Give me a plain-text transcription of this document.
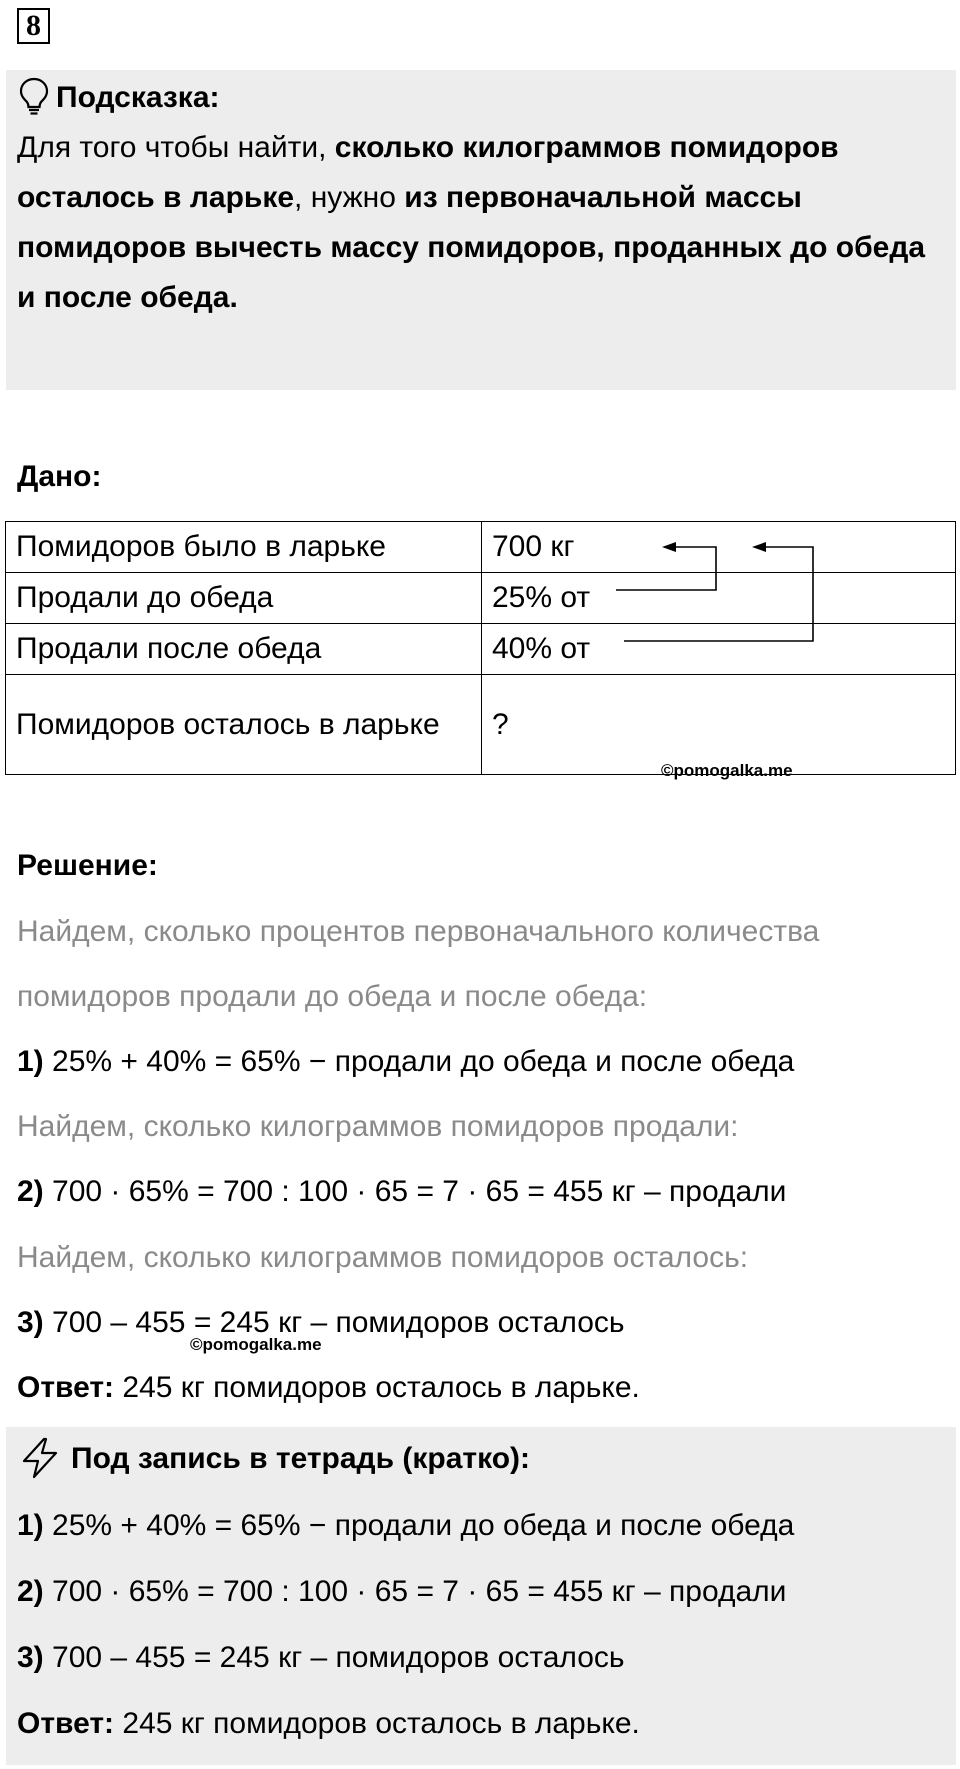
8
Подсказка:
Для того чтобы найти, сколько килограммов помидоров осталось в ларьке, нужно из первоначальной массы помидоров вычесть массу помидоров, проданных до обеда и после обеда.
Дано:
Помидоров было в ларьке	700 кг
Продали до обеда	25% от
Продали после обеда	40% от
Помидоров осталось в ларьке	?
©pomogalka.me
Решение:
Найдем, сколько процентов первоначального количества
помидоров продали до обеда и после обеда:
1) 25% + 40% = 65% − продали до обеда и после обеда
Найдем, сколько килограммов помидоров продали:
2) 700 · 65% = 700 : 100 · 65 = 7 · 65 = 455 кг – продали
Найдем, сколько килограммов помидоров осталось:
3) 700 – 455 = 245 кг – помидоров осталось
©pomogalka.me
Ответ: 245 кг помидоров осталось в ларьке.
Под запись в тетрадь (кратко):
1) 25% + 40% = 65% − продали до обеда и после обеда
2) 700 · 65% = 700 : 100 · 65 = 7 · 65 = 455 кг – продали
3) 700 – 455 = 245 кг – помидоров осталось
Ответ: 245 кг помидоров осталось в ларьке.
